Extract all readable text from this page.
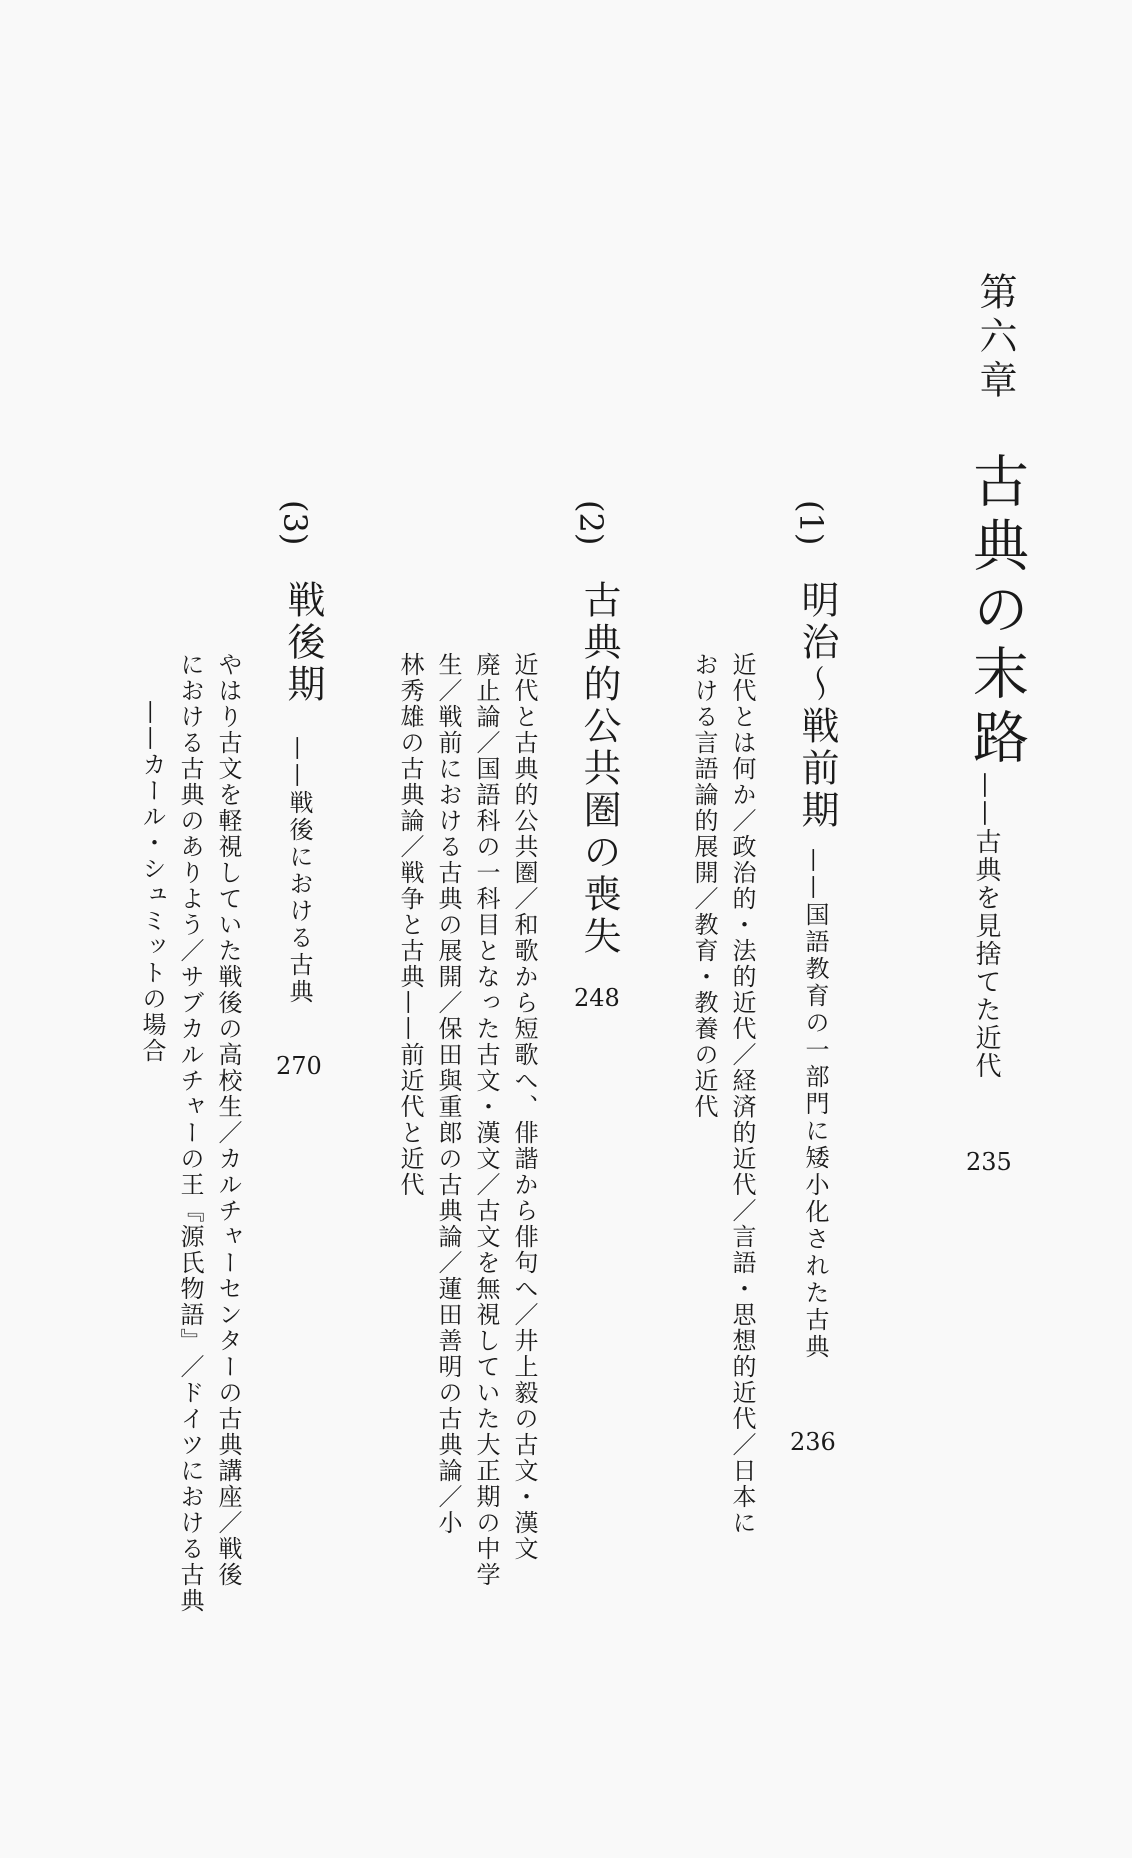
第六章
古典の末路
——古典を見捨てた近代
235
(1)
明治〜戦前期
——国語教育の一部門に矮小化された古典
236
近代とは何か／政治的・法的近代／経済的近代／言語・思想的近代／日本に
おける言語論的展開／教育・教養の近代
(2)
古典的公共圏の喪失
248
近代と古典的公共圏／和歌から短歌へ、俳諧から俳句へ／井上毅の古文・漢文
廃止論／国語科の一科目となった古文・漢文／古文を無視していた大正期の中学
生／戦前における古典の展開／保田與重郎の古典論／蓮田善明の古典論／小
林秀雄の古典論／戦争と古典——前近代と近代
(3)
戦後期
——戦後における古典
270
やはり古文を軽視していた戦後の高校生／カルチャーセンターの古典講座／戦後
における古典のありよう／サブカルチャーの王『源氏物語』／ドイツにおける古典
——カール・シュミットの場合
